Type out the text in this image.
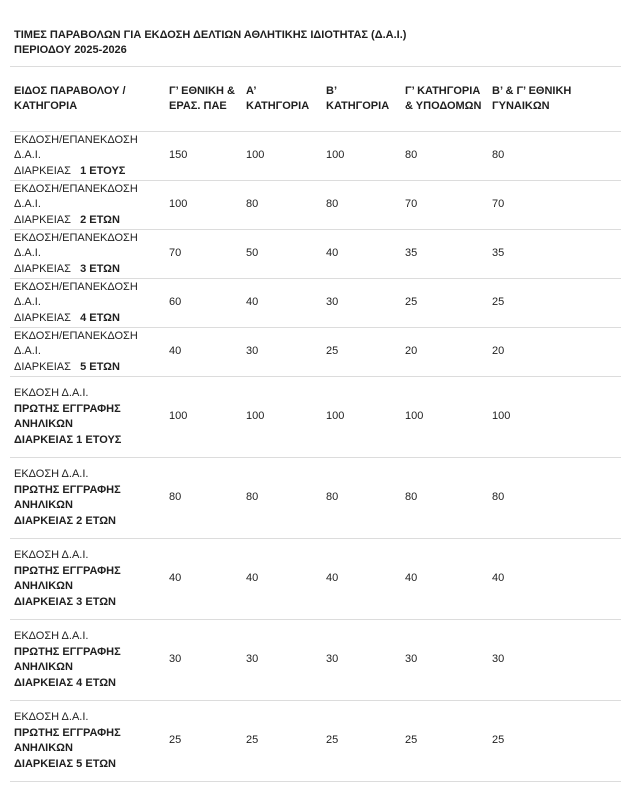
ΤΙΜΕΣ ΠΑΡΑΒΟΛΩΝ ΓΙΑ ΕΚΔΟΣΗ ΔΕΛΤΙΩΝ ΑΘΛΗΤΙΚΗΣ ΙΔΙΟΤΗΤΑΣ (Δ.Α.Ι.)
ΠΕΡΙΟΔΟΥ 2025-2026
ΕΙΔΟΣ ΠΑΡΑΒΟΛΟΥ / ΚΑΤΗΓΟΡΙΑ	Γ’ ΕΘΝΙΚΗ & ΕΡΑΣ. ΠΑΕ	Α’ ΚΑΤΗΓΟΡΙΑ	Β’ ΚΑΤΗΓΟΡΙΑ	Γ’ ΚΑΤΗΓΟΡΙΑ & ΥΠΟΔΟΜΩΝ	Β’ & Γ’ ΕΘΝΙΚΗ ΓΥΝΑΙΚΩΝ

ΕΚΔΟΣΗ/ΕΠΑΝΕΚΔΟΣΗ Δ.Α.Ι.
ΔΙΑΡΚΕΙΑΣ 1 ΕΤΟΥΣ	150	100	100	80	80

ΕΚΔΟΣΗ/ΕΠΑΝΕΚΔΟΣΗ Δ.Α.Ι.
ΔΙΑΡΚΕΙΑΣ 2 ΕΤΩΝ	100	80	80	70	70

ΕΚΔΟΣΗ/ΕΠΑΝΕΚΔΟΣΗ Δ.Α.Ι.
ΔΙΑΡΚΕΙΑΣ 3 ΕΤΩΝ	70	50	40	35	35

ΕΚΔΟΣΗ/ΕΠΑΝΕΚΔΟΣΗ Δ.Α.Ι.
ΔΙΑΡΚΕΙΑΣ 4 ΕΤΩΝ	60	40	30	25	25

ΕΚΔΟΣΗ/ΕΠΑΝΕΚΔΟΣΗ Δ.Α.Ι.
ΔΙΑΡΚΕΙΑΣ 5 ΕΤΩΝ	40	30	25	20	20

ΕΚΔΟΣΗ Δ.Α.Ι.
ΠΡΩΤΗΣ ΕΓΓΡΑΦΗΣ
ΑΝΗΛΙΚΩΝ
ΔΙΑΡΚΕΙΑΣ 1 ΕΤΟΥΣ	100	100	100	100	100

ΕΚΔΟΣΗ Δ.Α.Ι.
ΠΡΩΤΗΣ ΕΓΓΡΑΦΗΣ
ΑΝΗΛΙΚΩΝ
ΔΙΑΡΚΕΙΑΣ 2 ΕΤΩΝ	80	80	80	80	80

ΕΚΔΟΣΗ Δ.Α.Ι.
ΠΡΩΤΗΣ ΕΓΓΡΑΦΗΣ
ΑΝΗΛΙΚΩΝ
ΔΙΑΡΚΕΙΑΣ 3 ΕΤΩΝ	40	40	40	40	40

ΕΚΔΟΣΗ Δ.Α.Ι.
ΠΡΩΤΗΣ ΕΓΓΡΑΦΗΣ
ΑΝΗΛΙΚΩΝ
ΔΙΑΡΚΕΙΑΣ 4 ΕΤΩΝ	30	30	30	30	30

ΕΚΔΟΣΗ Δ.Α.Ι.
ΠΡΩΤΗΣ ΕΓΓΡΑΦΗΣ
ΑΝΗΛΙΚΩΝ
ΔΙΑΡΚΕΙΑΣ 5 ΕΤΩΝ	25	25	25	25	25
